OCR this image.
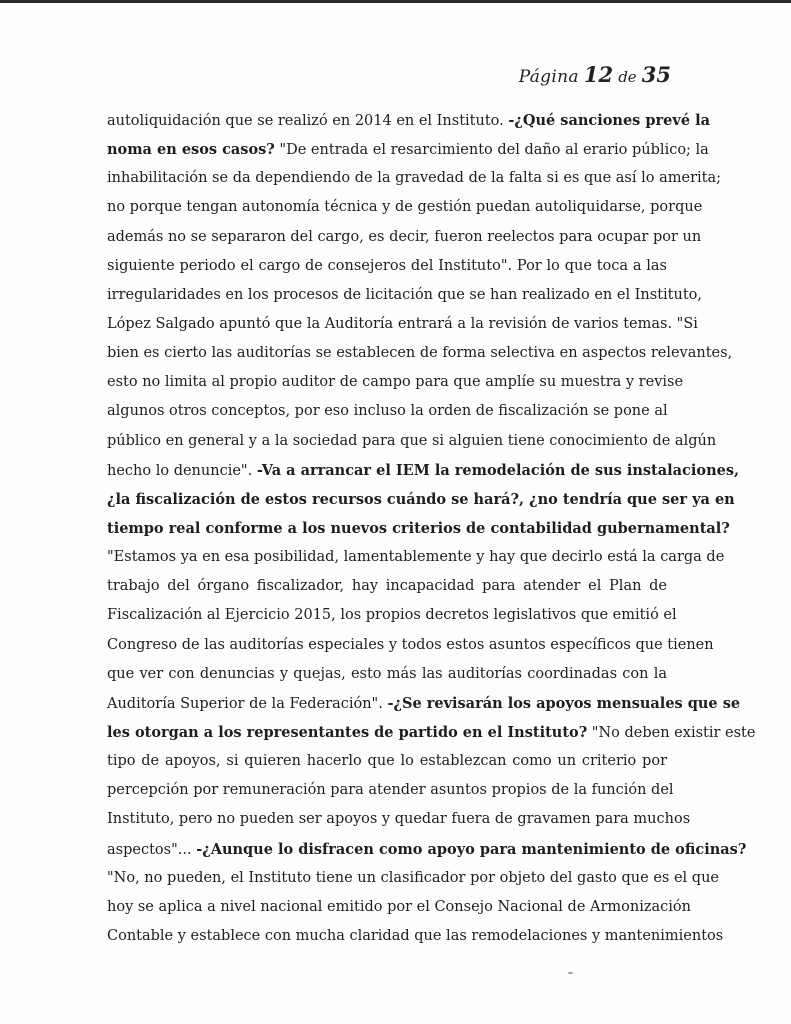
Página 12 de 35
autoliquidación que se realizó en 2014 en el Instituto. -¿Qué sanciones prevé la
noma en esos casos? "De entrada el resarcimiento del daño al erario público; la
inhabilitación se da dependiendo de la gravedad de la falta si es que así lo amerita;
no porque tengan autonomía técnica y de gestión puedan autoliquidarse, porque
además no se separaron del cargo, es decir, fueron reelectos para ocupar por un
siguiente periodo el cargo de consejeros del Instituto". Por lo que toca a las
irregularidades en los procesos de licitación que se han realizado en el Instituto,
López Salgado apuntó que la Auditoría entrará a la revisión de varios temas. "Si
bien es cierto las auditorías se establecen de forma selectiva en aspectos relevantes,
esto no limita al propio auditor de campo para que amplíe su muestra y revise
algunos otros conceptos, por eso incluso la orden de fiscalización se pone al
público en general y a la sociedad para que si alguien tiene conocimiento de algún
hecho lo denuncie". -Va a arrancar el IEM la remodelación de sus instalaciones,
¿la fiscalización de estos recursos cuándo se hará?, ¿no tendría que ser ya en
tiempo real conforme a los nuevos criterios de contabilidad gubernamental?
"Estamos ya en esa posibilidad, lamentablemente y hay que decirlo está la carga de
trabajo del órgano fiscalizador, hay incapacidad para atender el Plan de
Fiscalización al Ejercicio 2015, los propios decretos legislativos que emitió el
Congreso de las auditorías especiales y todos estos asuntos específicos que tienen
que ver con denuncias y quejas, esto más las auditorías coordinadas con la
Auditoría Superior de la Federación". -¿Se revisarán los apoyos mensuales que se
les otorgan a los representantes de partido en el Instituto? "No deben existir este
tipo de apoyos, si quieren hacerlo que lo establezcan como un criterio por
percepción por remuneración para atender asuntos propios de la función del
Instituto, pero no pueden ser apoyos y quedar fuera de gravamen para muchos
aspectos"... -¿Aunque lo disfracen como apoyo para mantenimiento de oficinas?
"No, no pueden, el Instituto tiene un clasificador por objeto del gasto que es el que
hoy se aplica a nivel nacional emitido por el Consejo Nacional de Armonización
Contable y establece con mucha claridad que las remodelaciones y mantenimientos
